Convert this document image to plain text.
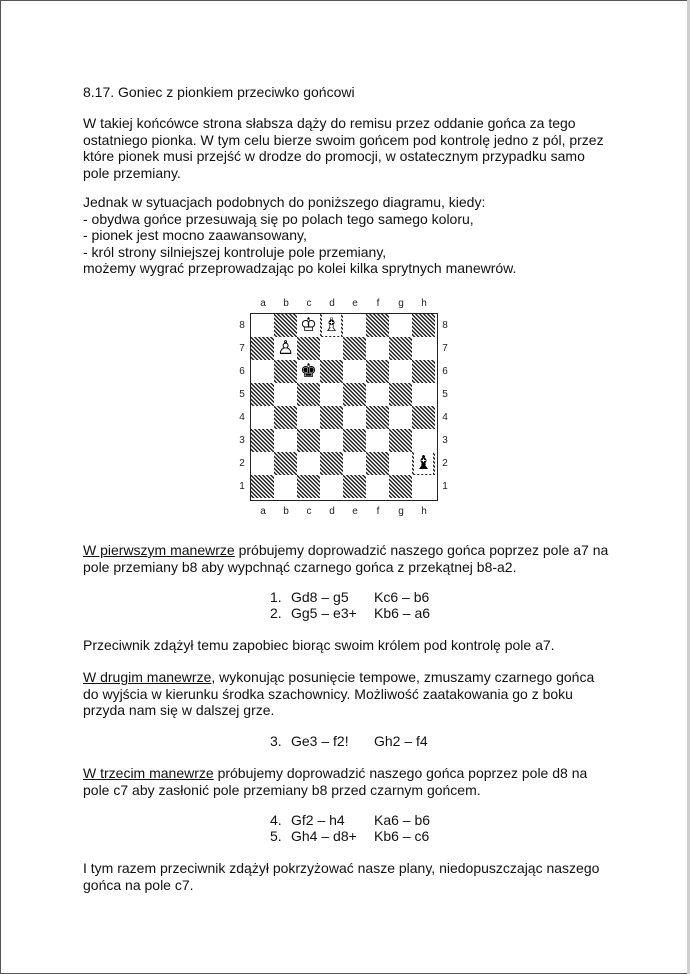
8.17. Goniec z pionkiem przeciwko gońcowi

W takiej końcówce strona słabsza dąży do remisu przez oddanie gońca za tego
ostatniego pionka. W tym celu bierze swoim gońcem pod kontrolę jedno z pól, przez
które pionek musi przejść w drodze do promocji, w ostatecznym przypadku samo
pole przemiany.

Jednak w sytuacjach podobnych do poniższego diagramu, kiedy:
- obydwa gońce przesuwają się po polach tego samego koloru,
- pionek jest mocno zaawansowany,
- król strony silniejszej kontroluje pole przemiany,
możemy wygrać przeprowadzając po kolei kilka sprytnych manewrów.

a
a
b
b
c
c
d
d
e
e
f
f
g
g
h
h
8	8
7	7
6	6
5	5
4	4
3	3
2	2
1	1
♔ ♗
♙
♚
♝

W pierwszym manewrze próbujemy doprowadzić naszego gońca poprzez pole a7 na
pole przemiany b8 aby wypchnąć czarnego gońca z przekątnej b8-a2.

1. Gd8 – g5 Kc6 – b6
2. Gg5 – e3+ Kb6 – a6

Przeciwnik zdążył temu zapobiec biorąc swoim królem pod kontrolę pole a7.

W drugim manewrze, wykonując posunięcie tempowe, zmuszamy czarnego gońca
do wyjścia w kierunku środka szachownicy. Możliwość zaatakowania go z boku
przyda nam się w dalszej grze.

3. Ge3 – f2! Gh2 – f4

W trzecim manewrze próbujemy doprowadzić naszego gońca poprzez pole d8 na
pole c7 aby zasłonić pole przemiany b8 przed czarnym gońcem.

4. Gf2 – h4 Ka6 – b6
5. Gh4 – d8+ Kb6 – c6

I tym razem przeciwnik zdążył pokrzyżować nasze plany, niedopuszczając naszego
gońca na pole c7.
